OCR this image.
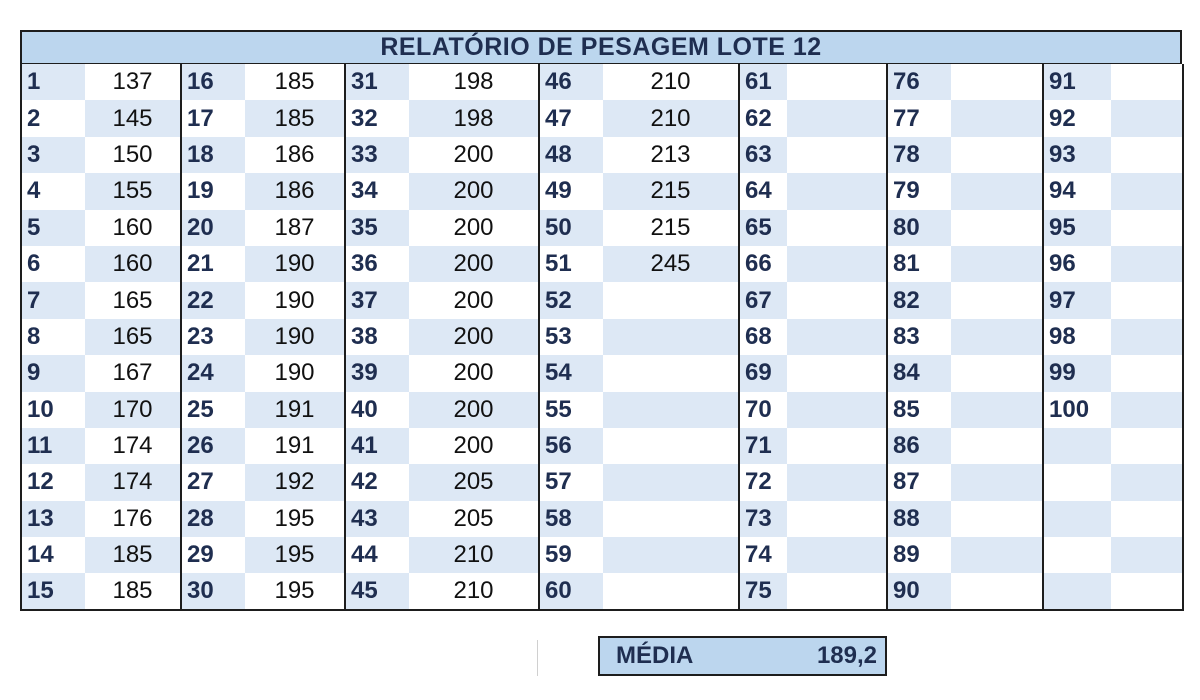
RELATÓRIO DE PESAGEM LOTE 12
1	137	16	185	31	198	46	210	61		76		91	
2	145	17	185	32	198	47	210	62		77		92	
3	150	18	186	33	200	48	213	63		78		93	
4	155	19	186	34	200	49	215	64		79		94	
5	160	20	187	35	200	50	215	65		80		95	
6	160	21	190	36	200	51	245	66		81		96	
7	165	22	190	37	200	52		67		82		97	
8	165	23	190	38	200	53		68		83		98	
9	167	24	190	39	200	54		69		84		99	
10	170	25	191	40	200	55		70		85		100	
11	174	26	191	41	200	56		71		86			
12	174	27	192	42	205	57		72		87			
13	176	28	195	43	205	58		73		88			
14	185	29	195	44	210	59		74		89			
15	185	30	195	45	210	60		75		90			
MÉDIA	189,2
